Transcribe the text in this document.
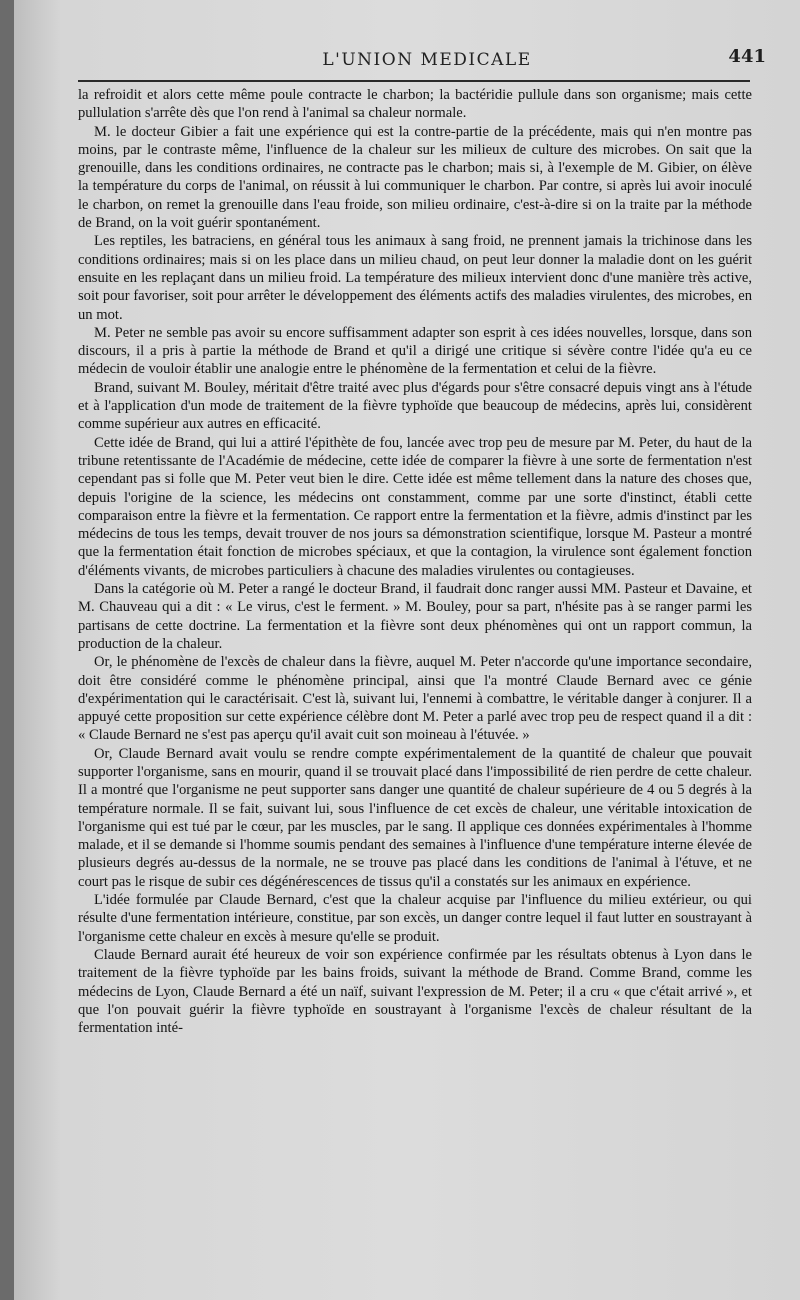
L'UNION MEDICALE	441

la refroidit et alors cette même poule contracte le charbon; la bactéridie pullule dans son organisme; mais cette pullulation s'arrête dès que l'on rend à l'animal sa chaleur normale.

M. le docteur Gibier a fait une expérience qui est la contre-partie de la précédente, mais qui n'en montre pas moins, par le contraste même, l'influence de la chaleur sur les milieux de culture des microbes. On sait que la grenouille, dans les conditions ordinaires, ne contracte pas le charbon; mais si, à l'exemple de M. Gibier, on élève la température du corps de l'animal, on réussit à lui communiquer le charbon. Par contre, si après lui avoir inoculé le charbon, on remet la grenouille dans l'eau froide, son milieu ordinaire, c'est-à-dire si on la traite par la méthode de Brand, on la voit guérir spontanément.

Les reptiles, les batraciens, en général tous les animaux à sang froid, ne prennent jamais la trichinose dans les conditions ordinaires; mais si on les place dans un milieu chaud, on peut leur donner la maladie dont on les guérit ensuite en les replaçant dans un milieu froid. La température des milieux intervient donc d'une manière très active, soit pour favoriser, soit pour arrêter le développement des éléments actifs des maladies virulentes, des microbes, en un mot.

M. Peter ne semble pas avoir su encore suffisamment adapter son esprit à ces idées nouvelles, lorsque, dans son discours, il a pris à partie la méthode de Brand et qu'il a dirigé une critique si sévère contre l'idée qu'a eu ce médecin de vouloir établir une analogie entre le phénomène de la fermentation et celui de la fièvre.

Brand, suivant M. Bouley, méritait d'être traité avec plus d'égards pour s'être consacré depuis vingt ans à l'étude et à l'application d'un mode de traitement de la fièvre typhoïde que beaucoup de médecins, après lui, considèrent comme supérieur aux autres en efficacité.

Cette idée de Brand, qui lui a attiré l'épithète de fou, lancée avec trop peu de mesure par M. Peter, du haut de la tribune retentissante de l'Académie de médecine, cette idée de comparer la fièvre à une sorte de fermentation n'est cependant pas si folle que M. Peter veut bien le dire. Cette idée est même tellement dans la nature des choses que, depuis l'origine de la science, les médecins ont constamment, comme par une sorte d'instinct, établi cette comparaison entre la fièvre et la fermentation. Ce rapport entre la fermentation et la fièvre, admis d'instinct par les médecins de tous les temps, devait trouver de nos jours sa démonstration scientifique, lorsque M. Pasteur a montré que la fermentation était fonction de microbes spéciaux, et que la contagion, la virulence sont également fonction d'éléments vivants, de microbes particuliers à chacune des maladies virulentes ou contagieuses.

Dans la catégorie où M. Peter a rangé le docteur Brand, il faudrait donc ranger aussi MM. Pasteur et Davaine, et M. Chauveau qui a dit : « Le virus, c'est le ferment. » M. Bouley, pour sa part, n'hésite pas à se ranger parmi les partisans de cette doctrine. La fermentation et la fièvre sont deux phénomènes qui ont un rapport commun, la production de la chaleur.

Or, le phénomène de l'excès de chaleur dans la fièvre, auquel M. Peter n'accorde qu'une importance secondaire, doit être considéré comme le phénomène principal, ainsi que l'a montré Claude Bernard avec ce génie d'expérimentation qui le caractérisait. C'est là, suivant lui, l'ennemi à combattre, le véritable danger à conjurer. Il a appuyé cette proposition sur cette expérience célèbre dont M. Peter a parlé avec trop peu de respect quand il a dit : « Claude Bernard ne s'est pas aperçu qu'il avait cuit son moineau à l'étuvée. »

Or, Claude Bernard avait voulu se rendre compte expérimentalement de la quantité de chaleur que pouvait supporter l'organisme, sans en mourir, quand il se trouvait placé dans l'impossibilité de rien perdre de cette chaleur. Il a montré que l'organisme ne peut supporter sans danger une quantité de chaleur supérieure de 4 ou 5 degrés à la température normale. Il se fait, suivant lui, sous l'influence de cet excès de chaleur, une véritable intoxication de l'organisme qui est tué par le cœur, par les muscles, par le sang. Il applique ces données expérimentales à l'homme malade, et il se demande si l'homme soumis pendant des semaines à l'influence d'une température interne élevée de plusieurs degrés au-dessus de la normale, ne se trouve pas placé dans les conditions de l'animal à l'étuve, et ne court pas le risque de subir ces dégénérescences de tissus qu'il a constatés sur les animaux en expérience.

L'idée formulée par Claude Bernard, c'est que la chaleur acquise par l'influence du milieu extérieur, ou qui résulte d'une fermentation intérieure, constitue, par son excès, un danger contre lequel il faut lutter en soustrayant à l'organisme cette chaleur en excès à mesure qu'elle se produit.

Claude Bernard aurait été heureux de voir son expérience confirmée par les résultats obtenus à Lyon dans le traitement de la fièvre typhoïde par les bains froids, suivant la méthode de Brand. Comme Brand, comme les médecins de Lyon, Claude Bernard a été un naïf, suivant l'expression de M. Peter; il a cru « que c'était arrivé », et que l'on pouvait guérir la fièvre typhoïde en soustrayant à l'organisme l'excès de chaleur résultant de la fermentation inté-
